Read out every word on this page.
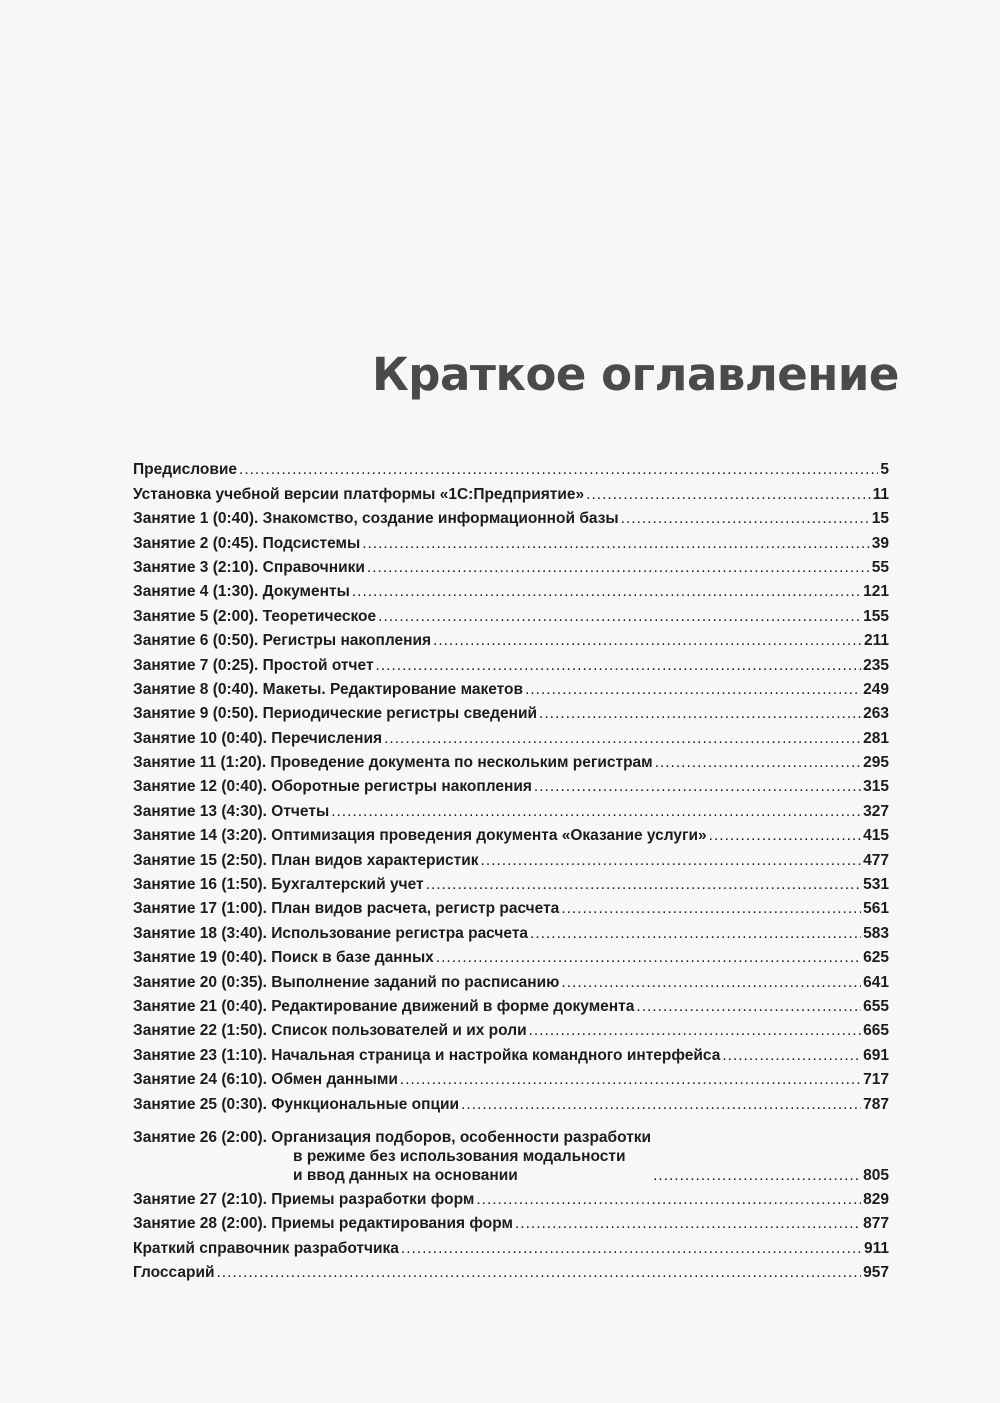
Краткое оглавление
Предисловие .....	5
Установка учебной версии платформы «1С:Предприятие» .....	11
Занятие 1 (0:40). Знакомство, создание информационной базы .....	15
Занятие 2 (0:45). Подсистемы .....	39
Занятие 3 (2:10). Справочники .....	55
Занятие 4 (1:30). Документы .....	121
Занятие 5 (2:00). Теоретическое .....	155
Занятие 6 (0:50). Регистры накопления .....	211
Занятие 7 (0:25). Простой отчет .....	235
Занятие 8 (0:40). Макеты. Редактирование макетов .....	249
Занятие 9 (0:50). Периодические регистры сведений .....	263
Занятие 10 (0:40). Перечисления .....	281
Занятие 11 (1:20). Проведение документа по нескольким регистрам .....	295
Занятие 12 (0:40). Оборотные регистры накопления .....	315
Занятие 13 (4:30). Отчеты .....	327
Занятие 14 (3:20). Оптимизация проведения документа «Оказание услуги» .....	415
Занятие 15 (2:50). План видов характеристик .....	477
Занятие 16 (1:50). Бухгалтерский учет .....	531
Занятие 17 (1:00). План видов расчета, регистр расчета .....	561
Занятие 18 (3:40). Использование регистра расчета .....	583
Занятие 19 (0:40). Поиск в базе данных .....	625
Занятие 20 (0:35). Выполнение заданий по расписанию .....	641
Занятие 21 (0:40). Редактирование движений в форме документа .....	655
Занятие 22 (1:50). Список пользователей и их роли .....	665
Занятие 23 (1:10). Начальная страница и настройка командного интерфейса .....	691
Занятие 24 (6:10). Обмен данными .....	717
Занятие 25 (0:30). Функциональные опции .....	787
Занятие 26 (2:00). Организация подборов, особенности разработки
в режиме без использования модальности
и ввод данных на основании .....	805
Занятие 27 (2:10). Приемы разработки форм .....	829
Занятие 28 (2:00). Приемы редактирования форм .....	877
Краткий справочник разработчика .....	911
Глоссарий .....	957
